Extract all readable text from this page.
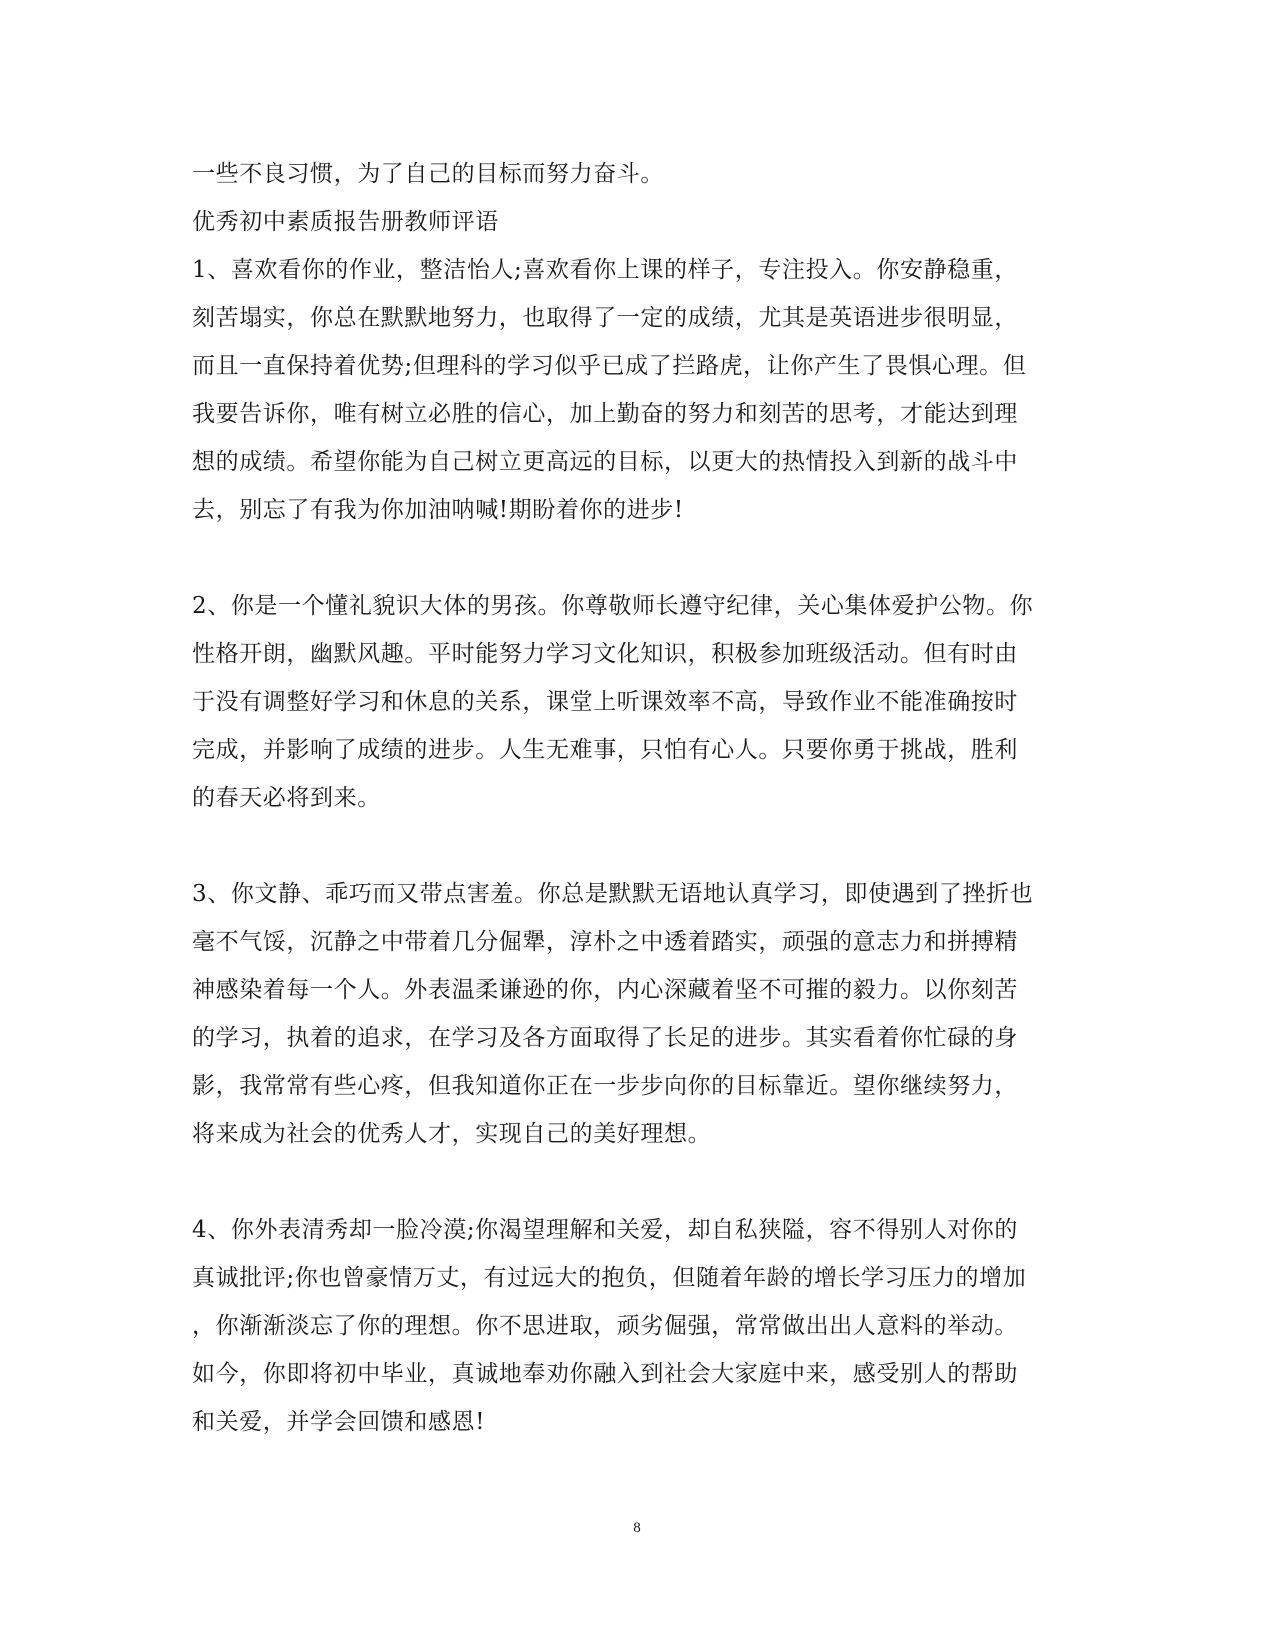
一些不良习惯，为了自己的目标而努力奋斗。
优秀初中素质报告册教师评语
1、喜欢看你的作业，整洁怡人;喜欢看你上课的样子，专注投入。你安静稳重，
刻苦塌实，你总在默默地努力，也取得了一定的成绩，尤其是英语进步很明显，
而且一直保持着优势;但理科的学习似乎已成了拦路虎，让你产生了畏惧心理。但
我要告诉你，唯有树立必胜的信心，加上勤奋的努力和刻苦的思考，才能达到理
想的成绩。希望你能为自己树立更高远的目标，以更大的热情投入到新的战斗中
去，别忘了有我为你加油呐喊!期盼着你的进步!
2、你是一个懂礼貌识大体的男孩。你尊敬师长遵守纪律，关心集体爱护公物。你
性格开朗，幽默风趣。平时能努力学习文化知识，积极参加班级活动。但有时由
于没有调整好学习和休息的关系，课堂上听课效率不高，导致作业不能准确按时
完成，并影响了成绩的进步。人生无难事，只怕有心人。只要你勇于挑战，胜利
的春天必将到来。
3、你文静、乖巧而又带点害羞。你总是默默无语地认真学习，即使遇到了挫折也
毫不气馁，沉静之中带着几分倔犟，淳朴之中透着踏实，顽强的意志力和拼搏精
神感染着每一个人。外表温柔谦逊的你，内心深藏着坚不可摧的毅力。以你刻苦
的学习，执着的追求，在学习及各方面取得了长足的进步。其实看着你忙碌的身
影，我常常有些心疼，但我知道你正在一步步向你的目标靠近。望你继续努力，
将来成为社会的优秀人才，实现自己的美好理想。
4、你外表清秀却一脸冷漠;你渴望理解和关爱，却自私狭隘，容不得别人对你的
真诚批评;你也曾豪情万丈，有过远大的抱负，但随着年龄的增长学习压力的增加
，你渐渐淡忘了你的理想。你不思进取，顽劣倔强，常常做出出人意料的举动。
如今，你即将初中毕业，真诚地奉劝你融入到社会大家庭中来，感受别人的帮助
和关爱，并学会回馈和感恩!
8
